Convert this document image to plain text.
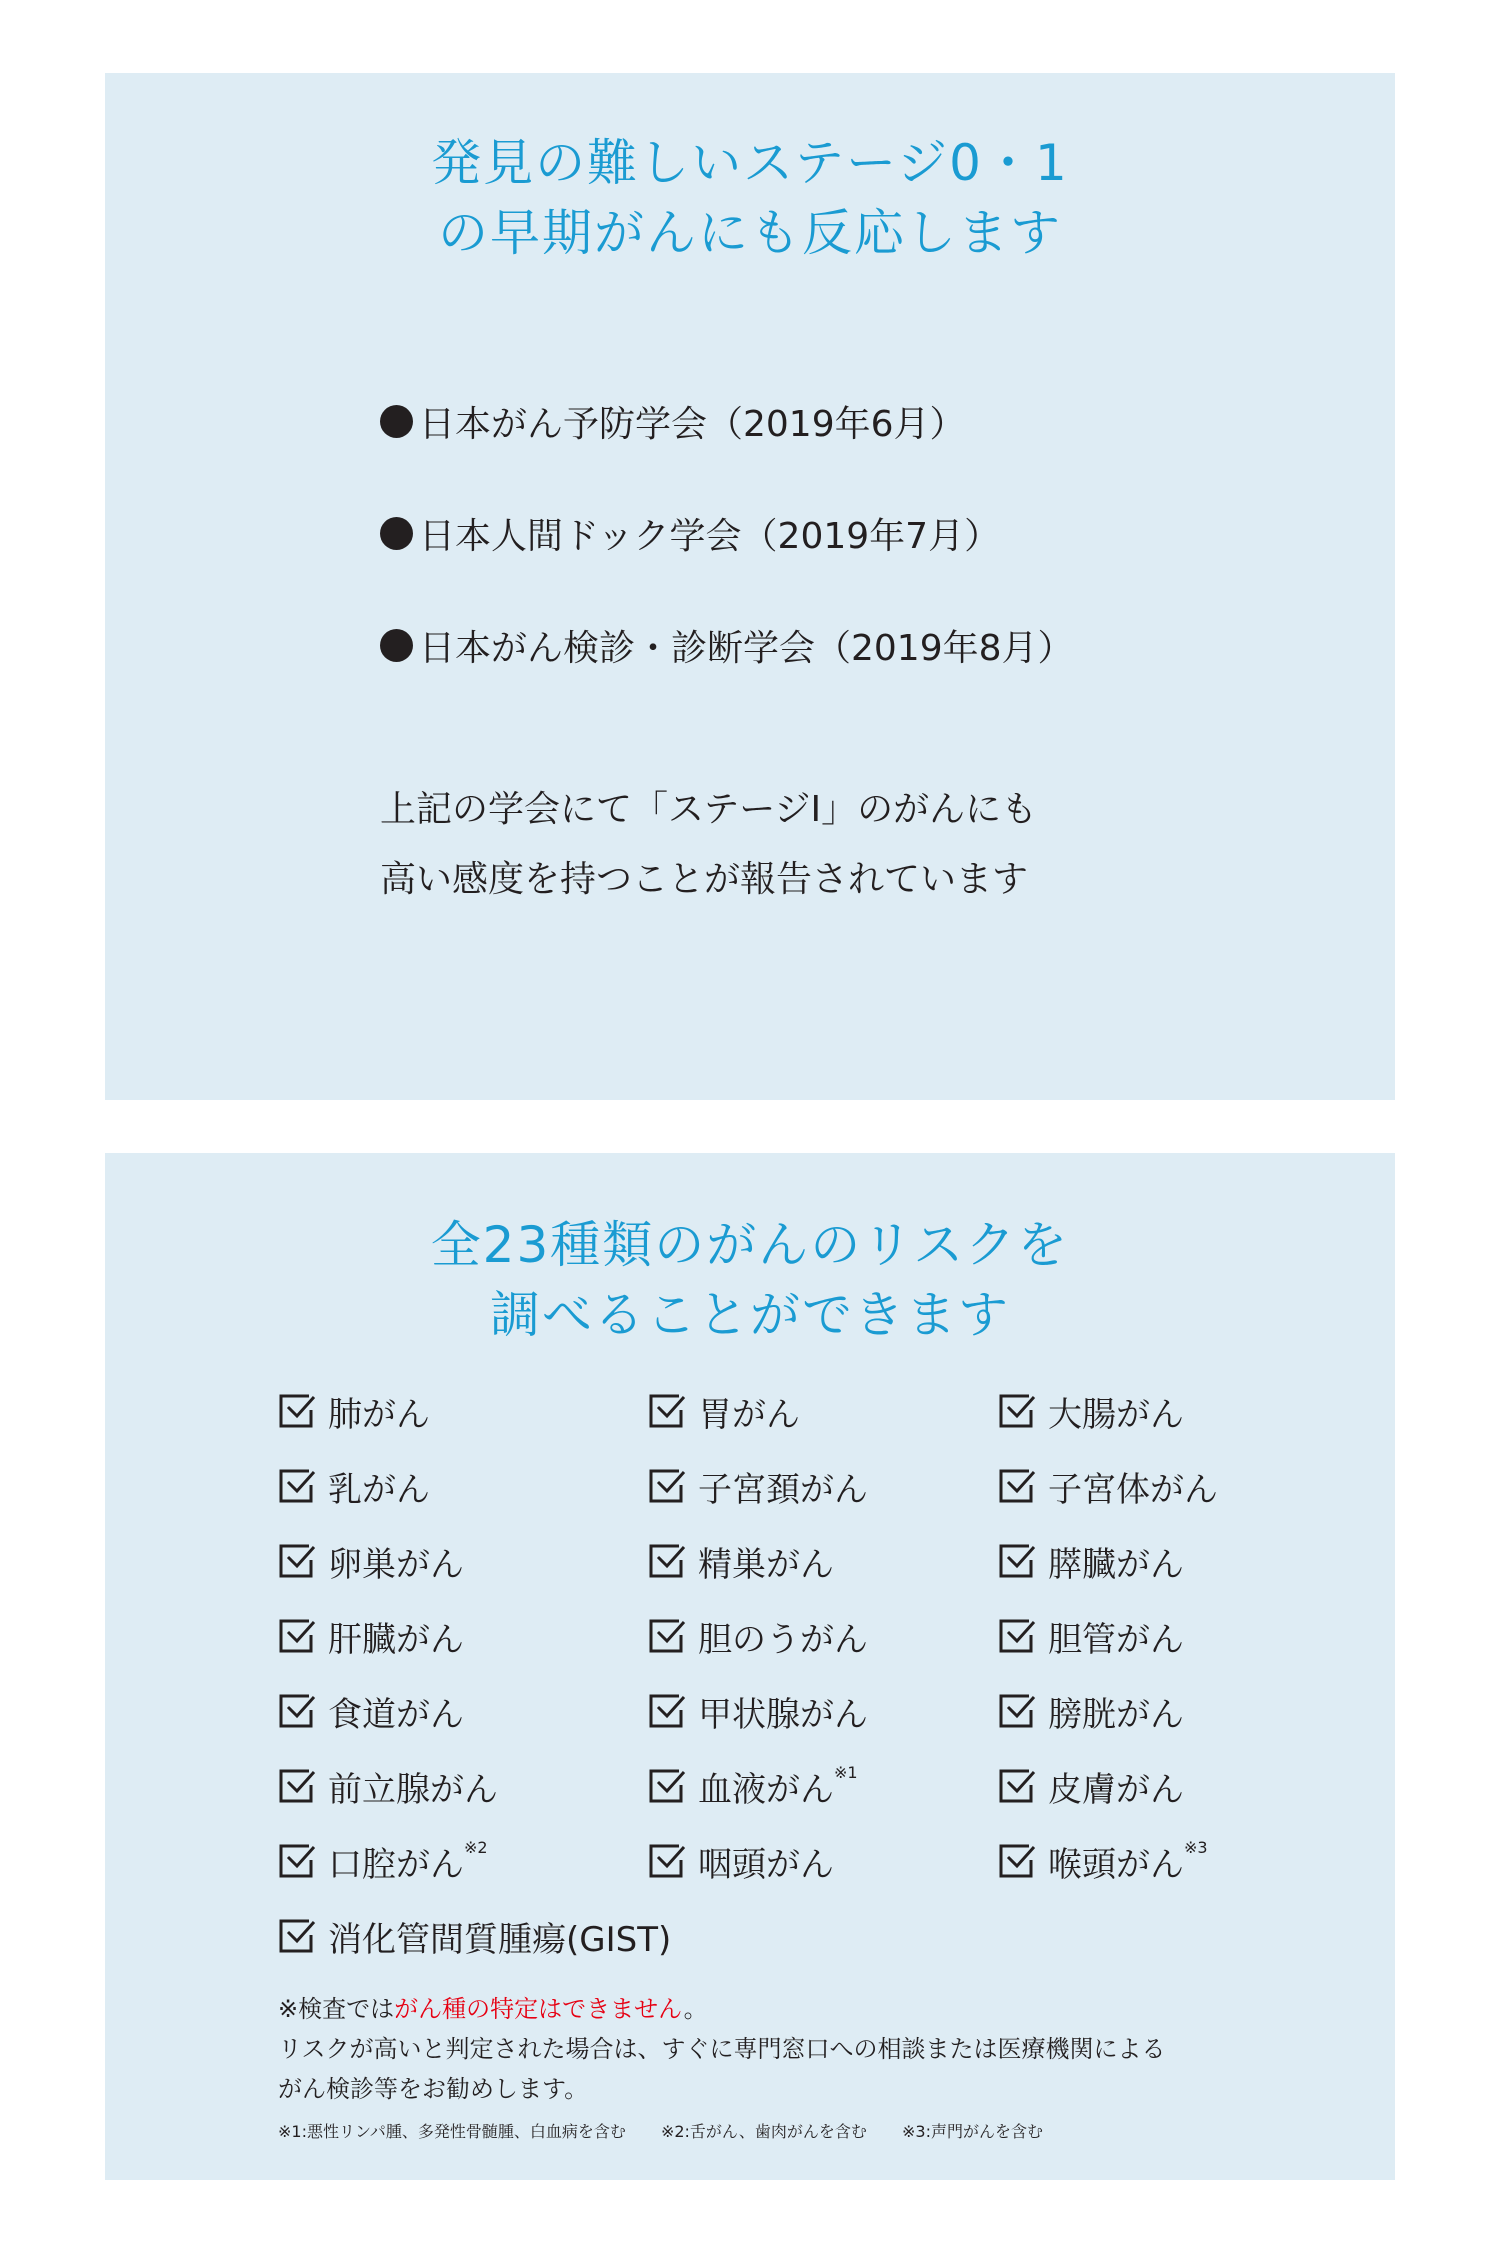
発見の難しいステージ0・1
の早期がんにも反応します
日本がん予防学会（2019年6月）
日本人間ドック学会（2019年7月）
日本がん検診・診断学会（2019年8月）
上記の学会にて「ステージⅠ」のがんにも
高い感度を持つことが報告されています
全23種類のがんのリスクを
調べることができます
肺がん	胃がん	大腸がん
乳がん	子宮頚がん	子宮体がん
卵巣がん	精巣がん	膵臓がん
肝臓がん	胆のうがん	胆管がん
食道がん	甲状腺がん	膀胱がん
前立腺がん	血液がん$^{※1}$	皮膚がん
口腔がん$^{※2}$	咽頭がん	喉頭がん$^{※3}$
消化管間質腫瘍(GIST)
※検査ではがん種の特定はできません。
リスクが高いと判定された場合は、すぐに専門窓口への相談または医療機関による
がん検診等をお勧めします。
※1:悪性リンパ腫、多発性骨髄腫、白血病を含む ※2:舌がん、歯肉がんを含む ※3:声門がんを含む
